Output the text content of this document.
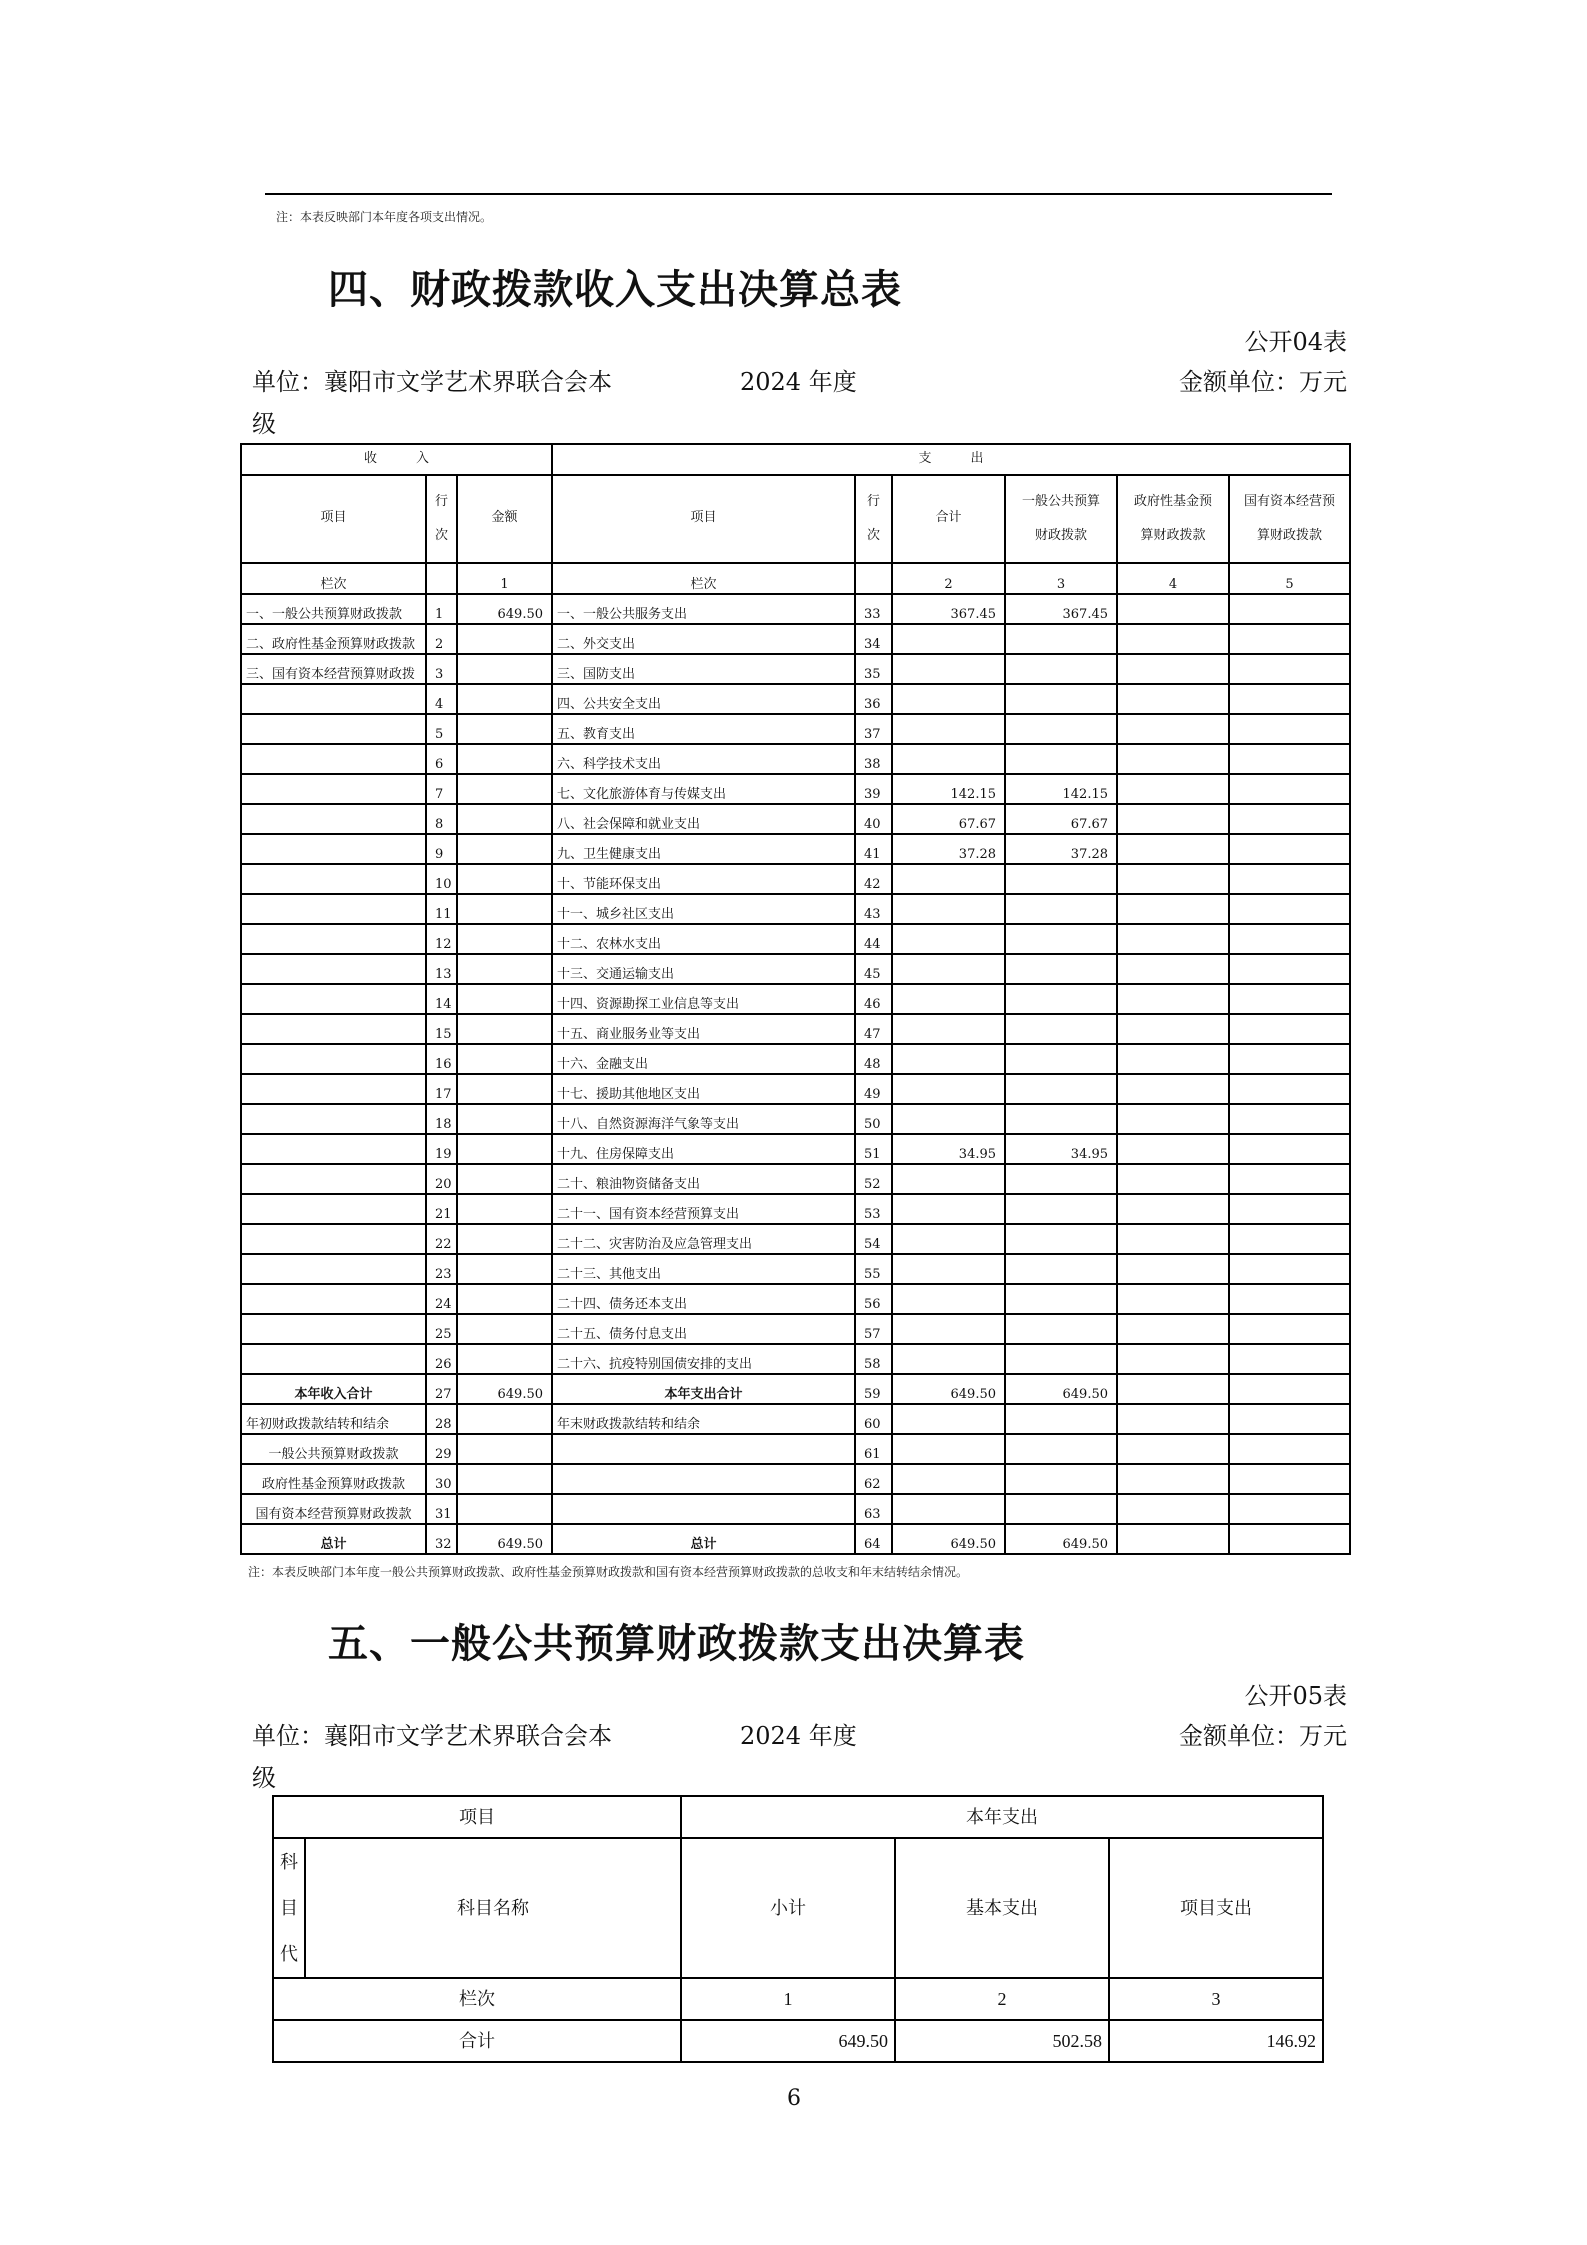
注：本表反映部门本年度各项支出情况。
四、财政拨款收入支出决算总表
公开04表
单位：襄阳市文学艺术界联合会本	2024 年度	金额单位：万元
级
收　　　入			支　　　出					
项目	行次	金额	项目	行次	合计	一般公共预算财政拨款	政府性基金预算财政拨款	国有资本经营预算财政拨款
栏次		1	栏次		2	3	4	5
一、一般公共预算财政拨款	1	649.50	一、一般公共服务支出	33	367.45	367.45		
二、政府性基金预算财政拨款	2		二、外交支出	34				
三、国有资本经营预算财政拨	3		三、国防支出	35				
	4		四、公共安全支出	36				
	5		五、教育支出	37				
	6		六、科学技术支出	38				
	7		七、文化旅游体育与传媒支出	39	142.15	142.15		
	8		八、社会保障和就业支出	40	67.67	67.67		
	9		九、卫生健康支出	41	37.28	37.28		
	10		十、节能环保支出	42				
	11		十一、城乡社区支出	43				
	12		十二、农林水支出	44				
	13		十三、交通运输支出	45				
	14		十四、资源勘探工业信息等支出	46				
	15		十五、商业服务业等支出	47				
	16		十六、金融支出	48				
	17		十七、援助其他地区支出	49				
	18		十八、自然资源海洋气象等支出	50				
	19		十九、住房保障支出	51	34.95	34.95		
	20		二十、粮油物资储备支出	52				
	21		二十一、国有资本经营预算支出	53				
	22		二十二、灾害防治及应急管理支出	54				
	23		二十三、其他支出	55				
	24		二十四、债务还本支出	56				
	25		二十五、债务付息支出	57				
	26		二十六、抗疫特别国债安排的支出	58				
本年收入合计	27	649.50	本年支出合计	59	649.50	649.50		
年初财政拨款结转和结余	28		年末财政拨款结转和结余	60				
一般公共预算财政拨款	29			61				
政府性基金预算财政拨款	30			62				
国有资本经营预算财政拨款	31			63				
总计	32	649.50	总计	64	649.50	649.50		
注：本表反映部门本年度一般公共预算财政拨款、政府性基金预算财政拨款和国有资本经营预算财政拨款的总收支和年末结转结余情况。
五、一般公共预算财政拨款支出决算表
公开05表
单位：襄阳市文学艺术界联合会本	2024 年度	金额单位：万元
级
项目		本年支出		
科目代	科目名称	小计	基本支出	项目支出
栏次		1	2	3
合计		649.50	502.58	146.92
6
